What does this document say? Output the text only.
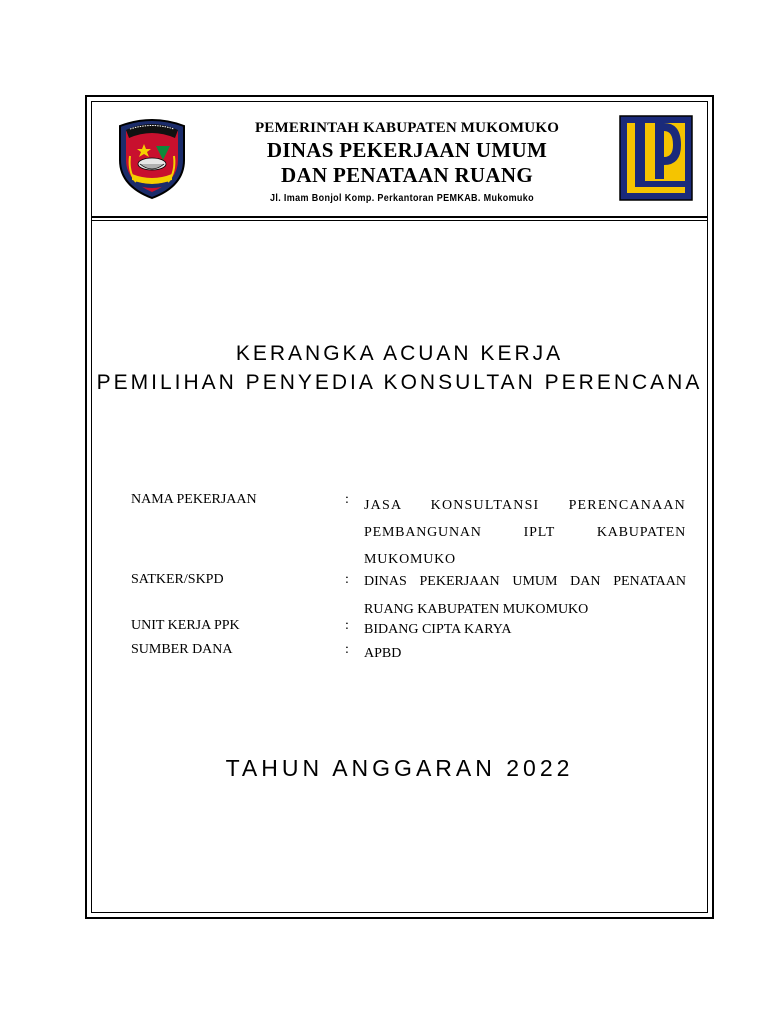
PEMERINTAH KABUPATEN MUKOMUKO
DINAS PEKERJAAN UMUM
DAN PENATAAN RUANG
Jl. Imam Bonjol Komp. Perkantoran PEMKAB. Mukomuko
KERANGKA ACUAN KERJA
PEMILIHAN PENYEDIA KONSULTAN PERENCANA
NAMA PEKERJAAN	: JASA KONSULTANSI PERENCANAAN
PEMBANGUNAN IPLT KABUPATEN
MUKOMUKO
SATKER/SKPD	: DINAS PEKERJAAN UMUM DAN PENATAAN
RUANG KABUPATEN MUKOMUKO
UNIT KERJA PPK	: BIDANG CIPTA KARYA
SUMBER DANA	: APBD
TAHUN ANGGARAN 2022
